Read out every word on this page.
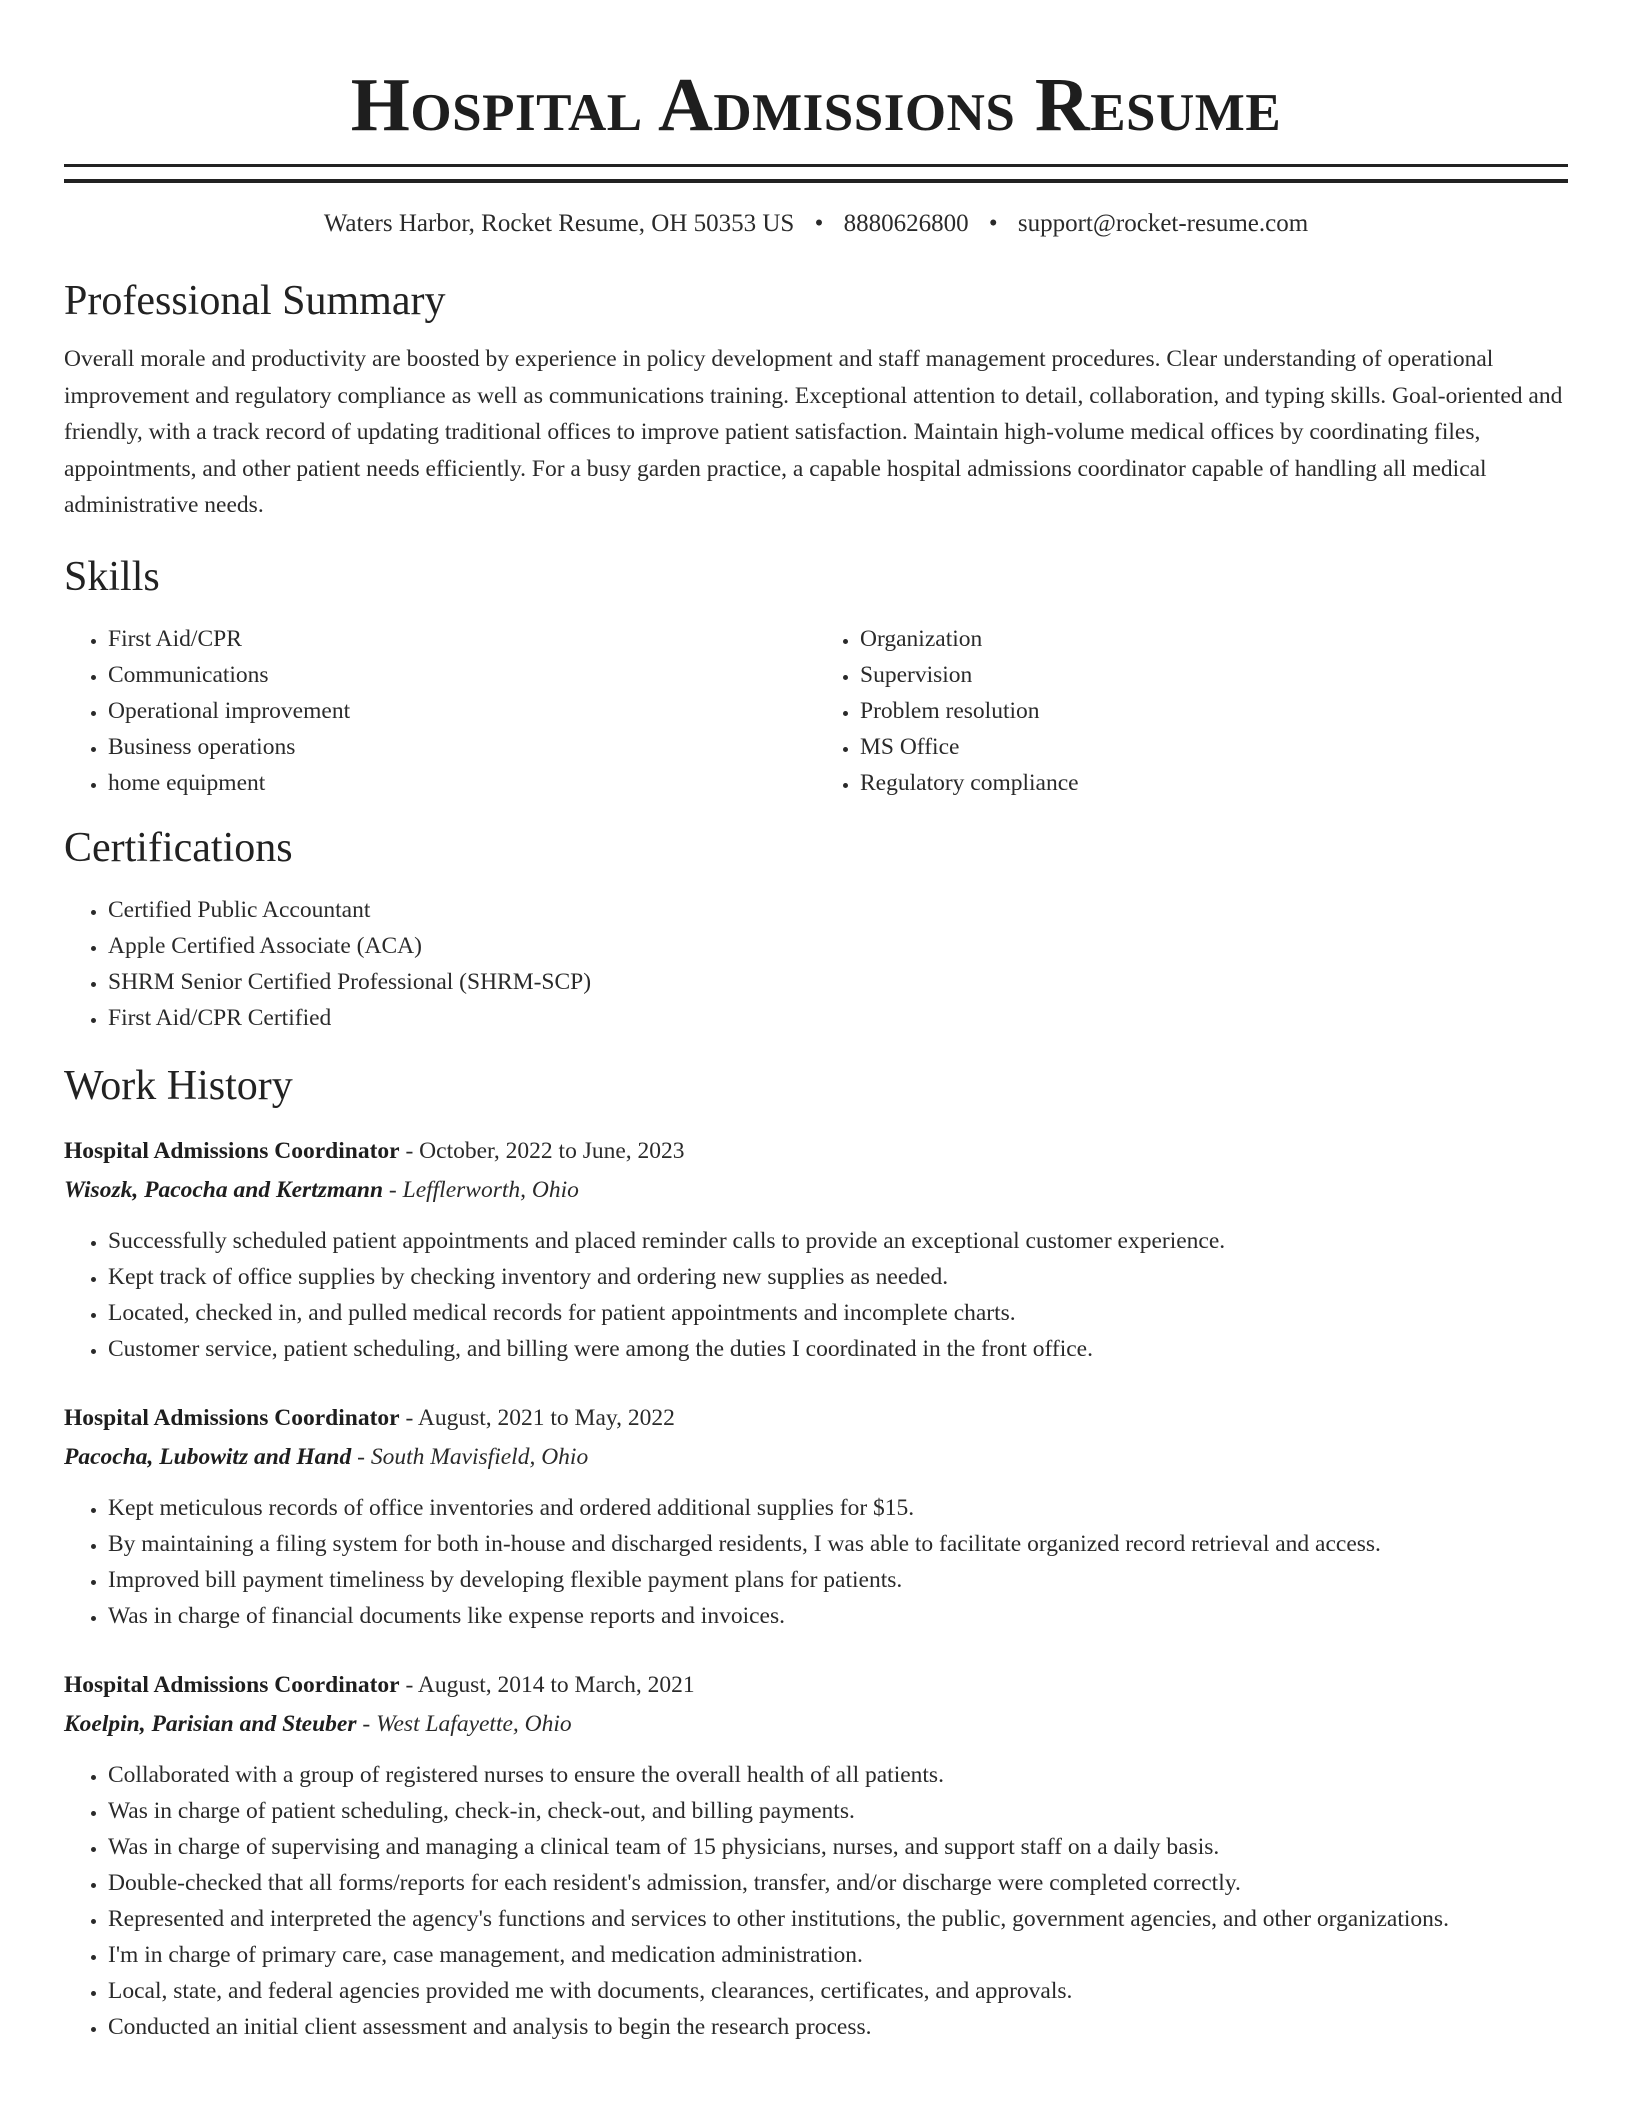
Hospital Admissions Resume
Waters Harbor, Rocket Resume, OH 50353 US • 8880626800 • support@rocket-resume.com
Professional Summary
Overall morale and productivity are boosted by experience in policy development and staff management procedures. Clear understanding of operational improvement and regulatory compliance as well as communications training. Exceptional attention to detail, collaboration, and typing skills. Goal-oriented and friendly, with a track record of updating traditional offices to improve patient satisfaction. Maintain high-volume medical offices by coordinating files, appointments, and other patient needs efficiently. For a busy garden practice, a capable hospital admissions coordinator capable of handling all medical administrative needs.
Skills
• First Aid/CPR
• Communications
• Operational improvement
• Business operations
• home equipment
• Organization
• Supervision
• Problem resolution
• MS Office
• Regulatory compliance
Certifications
• Certified Public Accountant
• Apple Certified Associate (ACA)
• SHRM Senior Certified Professional (SHRM-SCP)
• First Aid/CPR Certified
Work History
Hospital Admissions Coordinator - October, 2022 to June, 2023
Wisozk, Pacocha and Kertzmann - Lefflerworth, Ohio
• Successfully scheduled patient appointments and placed reminder calls to provide an exceptional customer experience.
• Kept track of office supplies by checking inventory and ordering new supplies as needed.
• Located, checked in, and pulled medical records for patient appointments and incomplete charts.
• Customer service, patient scheduling, and billing were among the duties I coordinated in the front office.
Hospital Admissions Coordinator - August, 2021 to May, 2022
Pacocha, Lubowitz and Hand - South Mavisfield, Ohio
• Kept meticulous records of office inventories and ordered additional supplies for $15.
• By maintaining a filing system for both in-house and discharged residents, I was able to facilitate organized record retrieval and access.
• Improved bill payment timeliness by developing flexible payment plans for patients.
• Was in charge of financial documents like expense reports and invoices.
Hospital Admissions Coordinator - August, 2014 to March, 2021
Koelpin, Parisian and Steuber - West Lafayette, Ohio
• Collaborated with a group of registered nurses to ensure the overall health of all patients.
• Was in charge of patient scheduling, check-in, check-out, and billing payments.
• Was in charge of supervising and managing a clinical team of 15 physicians, nurses, and support staff on a daily basis.
• Double-checked that all forms/reports for each resident's admission, transfer, and/or discharge were completed correctly.
• Represented and interpreted the agency's functions and services to other institutions, the public, government agencies, and other organizations.
• I'm in charge of primary care, case management, and medication administration.
• Local, state, and federal agencies provided me with documents, clearances, certificates, and approvals.
• Conducted an initial client assessment and analysis to begin the research process.
